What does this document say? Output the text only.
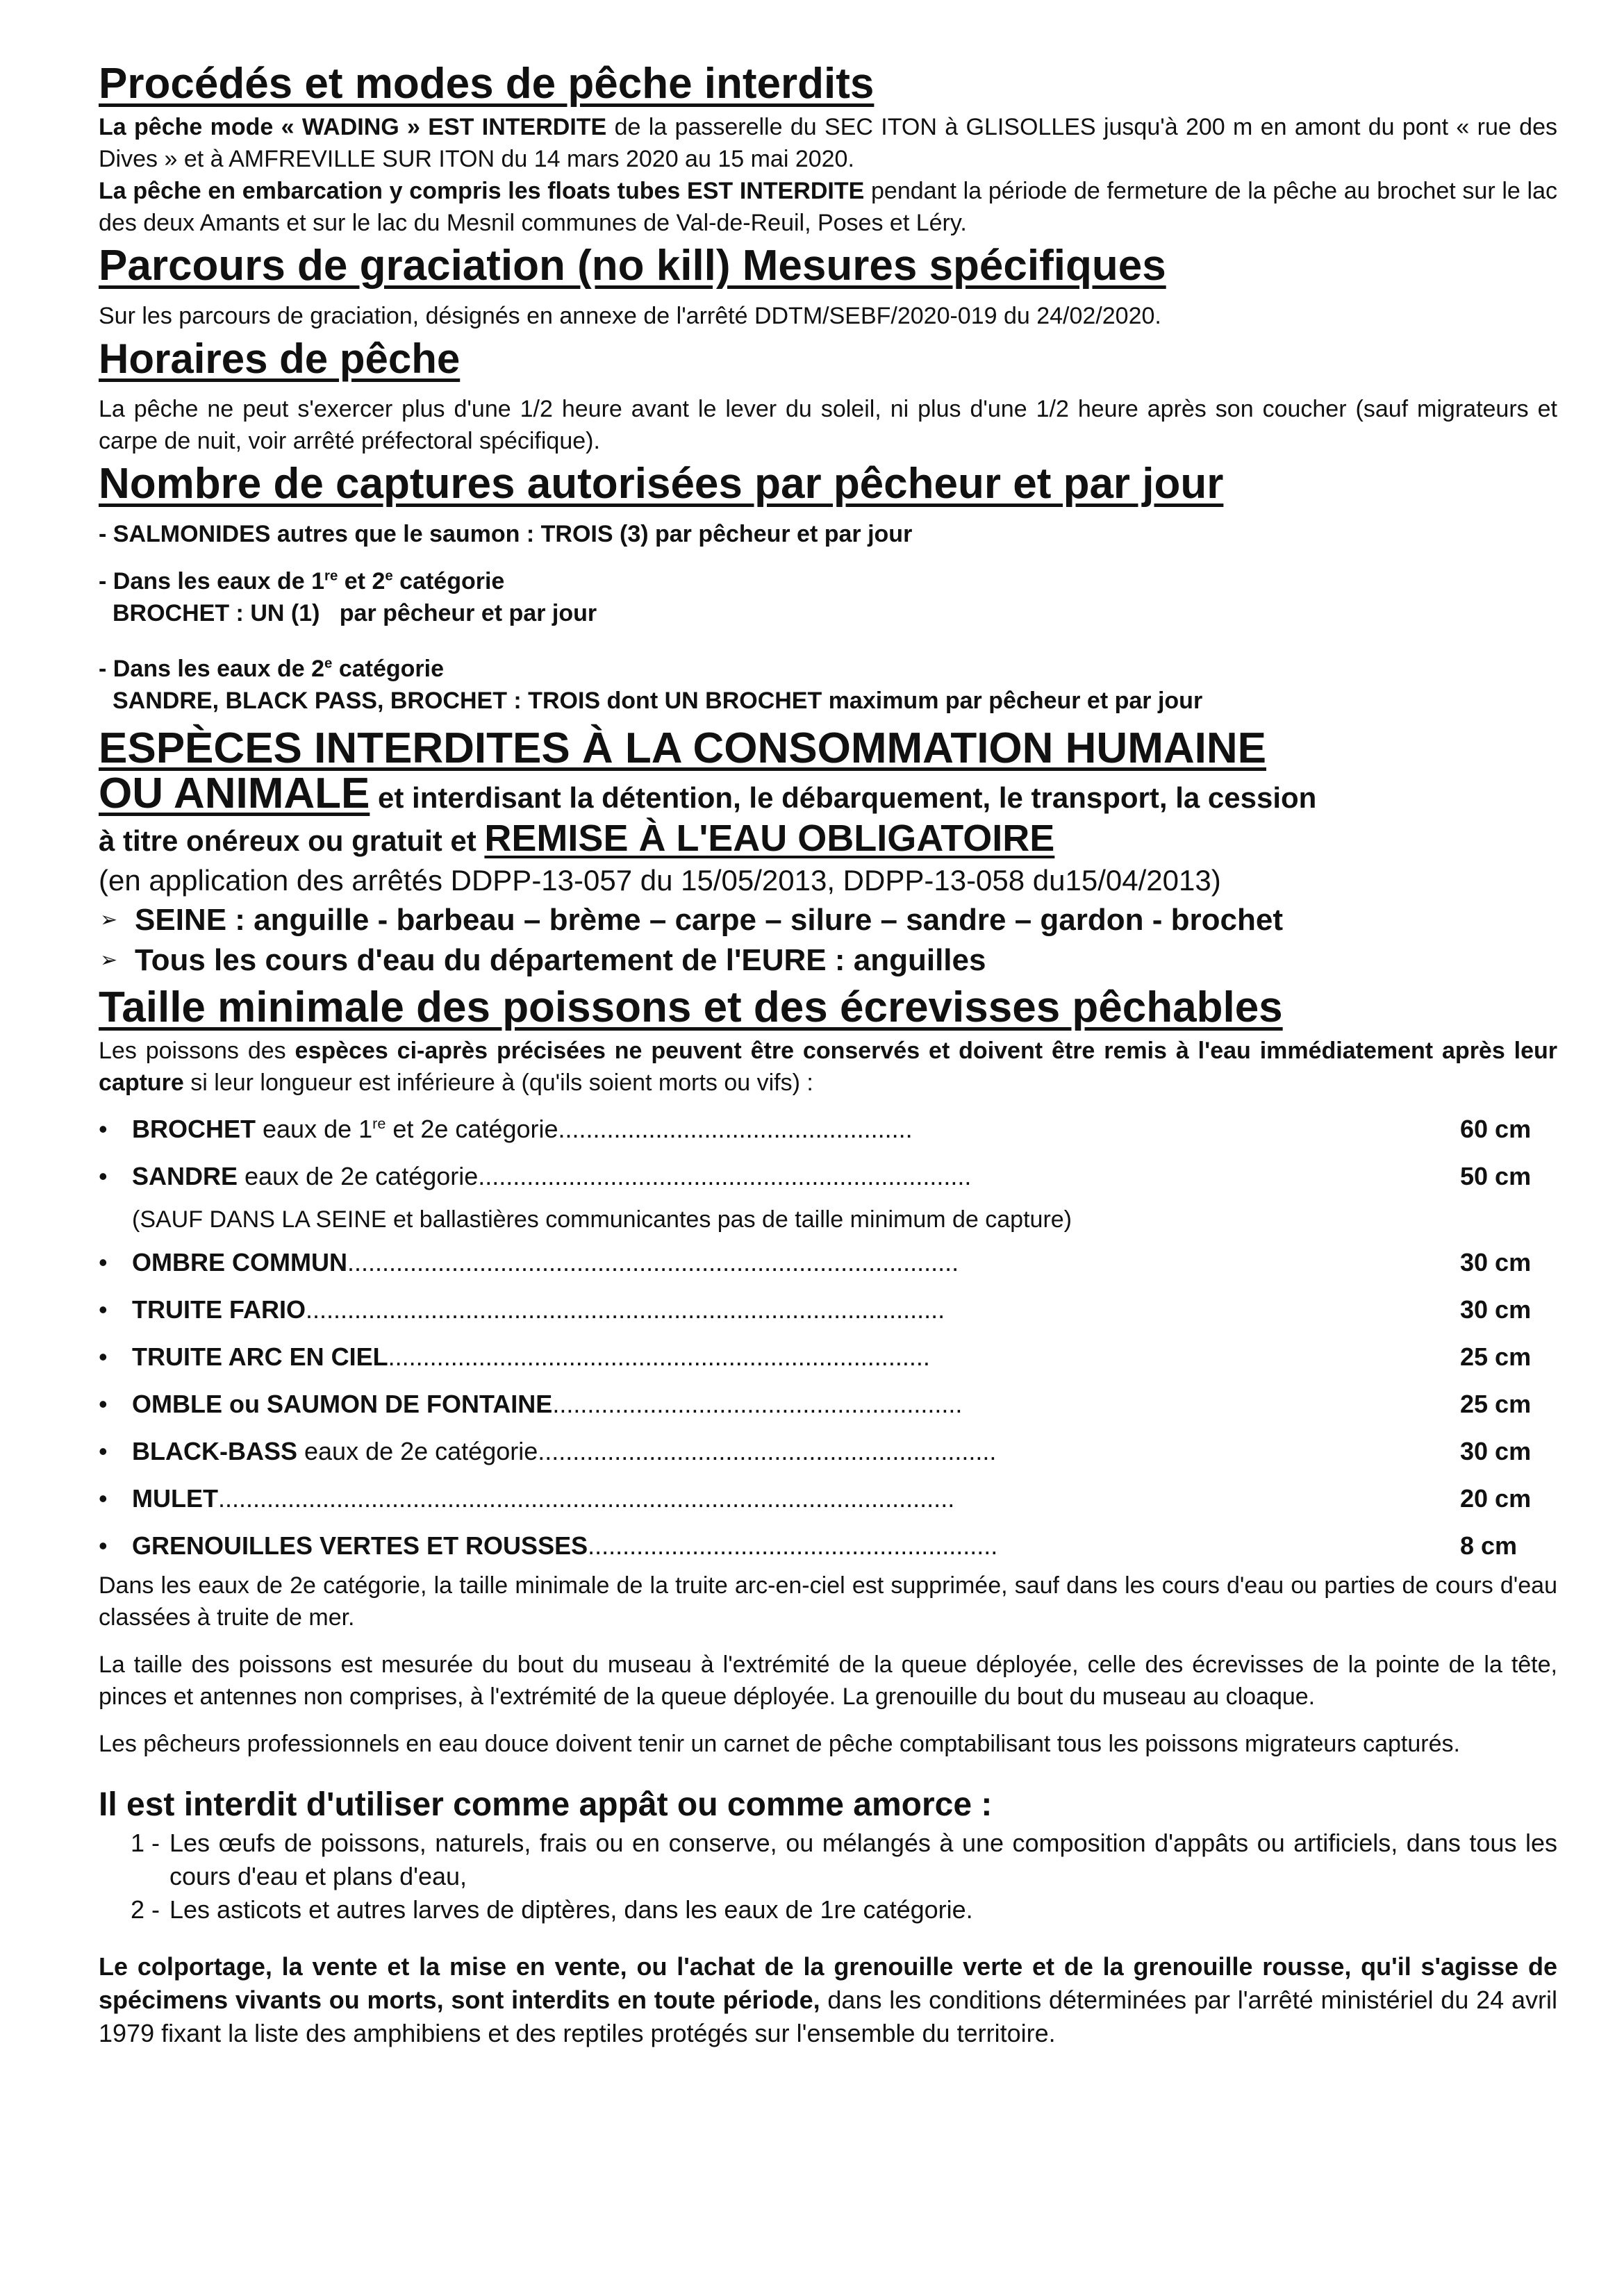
Procédés et modes de pêche interdits

La pêche mode « WADING » EST INTERDITE de la passerelle du SEC ITON à GLISOLLES jusqu'à 200 m en amont du pont « rue des Dives » et à AMFREVILLE SUR ITON du 14 mars 2020 au 15 mai 2020.

La pêche en embarcation y compris les floats tubes EST INTERDITE pendant la période de fermeture de la pêche au brochet sur le lac des deux Amants et sur le lac du Mesnil communes de Val-de-Reuil, Poses et Léry.

Parcours de graciation (no kill) Mesures spécifiques

Sur les parcours de graciation, désignés en annexe de l'arrêté DDTM/SEBF/2020-019 du 24/02/2020.

Horaires de pêche

La pêche ne peut s'exercer plus d'une 1/2 heure avant le lever du soleil, ni plus d'une 1/2 heure après son coucher (sauf migrateurs et carpe de nuit, voir arrêté préfectoral spécifique).

Nombre de captures autorisées par pêcheur et par jour

- SALMONIDES autres que le saumon : TROIS (3) par pêcheur et par jour

- Dans les eaux de 1re et 2e catégorie

BROCHET : UN (1)   par pêcheur et par jour

- Dans les eaux de 2e catégorie

SANDRE, BLACK PASS, BROCHET : TROIS dont UN BROCHET maximum par pêcheur et par jour

ESPÈCES INTERDITES À LA CONSOMMATION HUMAINE
OU ANIMALE et interdisant la détention, le débarquement, le transport, la cession
à titre onéreux ou gratuit et REMISE À L'EAU OBLIGATOIRE
(en application des arrêtés DDPP-13-057 du 15/05/2013, DDPP-13-058 du15/04/2013)
➢ SEINE : anguille - barbeau – brème – carpe – silure – sandre – gardon - brochet
➢ Tous les cours d'eau du département de l'EURE : anguilles
Taille minimale des poissons et des écrevisses pêchables

Les poissons des espèces ci-après précisées ne peuvent être conservés et doivent être remis à l'eau immédiatement après leur capture si leur longueur est inférieure à (qu'ils soient morts ou vifs) :

• BROCHET eaux de 1re et 2e catégorie ...................................................	60 cm
• SANDRE eaux de 2e catégorie .......................................................................	50 cm
(SAUF DANS LA SEINE et ballastières communicantes pas de taille minimum de capture)
• OMBRE COMMUN ........................................................................................	30 cm
• TRUITE FARIO ............................................................................................	30 cm
• TRUITE ARC EN CIEL ..............................................................................	25 cm
• OMBLE ou SAUMON DE FONTAINE ...........................................................	25 cm
• BLACK-BASS eaux de 2e catégorie ..................................................................	30 cm
• MULET ..........................................................................................................	20 cm
• GRENOUILLES VERTES ET ROUSSES ...........................................................	8 cm

Dans les eaux de 2e catégorie, la taille minimale de la truite arc-en-ciel est supprimée, sauf dans les cours d'eau ou parties de cours d'eau classées à truite de mer.

La taille des poissons est mesurée du bout du museau à l'extrémité de la queue déployée, celle des écrevisses de la pointe de la tête, pinces et antennes non comprises, à l'extrémité de la queue déployée. La grenouille du bout du museau au cloaque.

Les pêcheurs professionnels en eau douce doivent tenir un carnet de pêche comptabilisant tous les poissons migrateurs capturés.

Il est interdit d'utiliser comme appât ou comme amorce :
1 - Les œufs de poissons, naturels, frais ou en conserve, ou mélangés à une composition d'appâts ou artificiels, dans tous les cours d'eau et plans d'eau,

2 - Les asticots et autres larves de diptères, dans les eaux de 1re catégorie.

Le colportage, la vente et la mise en vente, ou l'achat de la grenouille verte et de la grenouille rousse, qu'il s'agisse de spécimens vivants ou morts, sont interdits en toute période, dans les conditions déterminées par l'arrêté ministériel du 24 avril 1979 fixant la liste des amphibiens et des reptiles protégés sur l'ensemble du territoire.
